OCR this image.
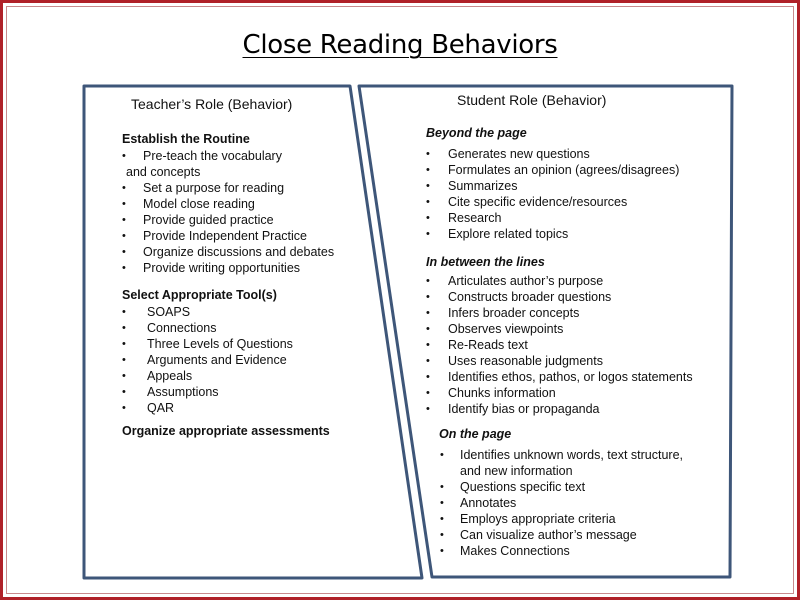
Close Reading Behaviors
Teacher’s Role (Behavior)
Establish the Routine
• Pre-teach the vocabulary
and concepts
• Set a purpose for reading
• Model close reading
• Provide guided practice
• Provide Independent Practice
• Organize discussions and debates
• Provide writing opportunities
Select Appropriate Tool(s)
• SOAPS
• Connections
• Three Levels of Questions
• Arguments and Evidence
• Appeals
• Assumptions
• QAR
Organize appropriate assessments
Student Role (Behavior)
Beyond the page
• Generates new questions
• Formulates an opinion (agrees/disagrees)
• Summarizes
• Cite specific evidence/resources
• Research
• Explore related topics
In between the lines
• Articulates author’s purpose
• Constructs broader questions
• Infers broader concepts
• Observes viewpoints
• Re-Reads text
• Uses reasonable judgments
• Identifies ethos, pathos, or logos statements
• Chunks information
• Identify bias or propaganda
On the page
• Identifies unknown words, text structure,
and new information
• Questions specific text
• Annotates
• Employs appropriate criteria
• Can visualize author’s message
• Makes Connections
